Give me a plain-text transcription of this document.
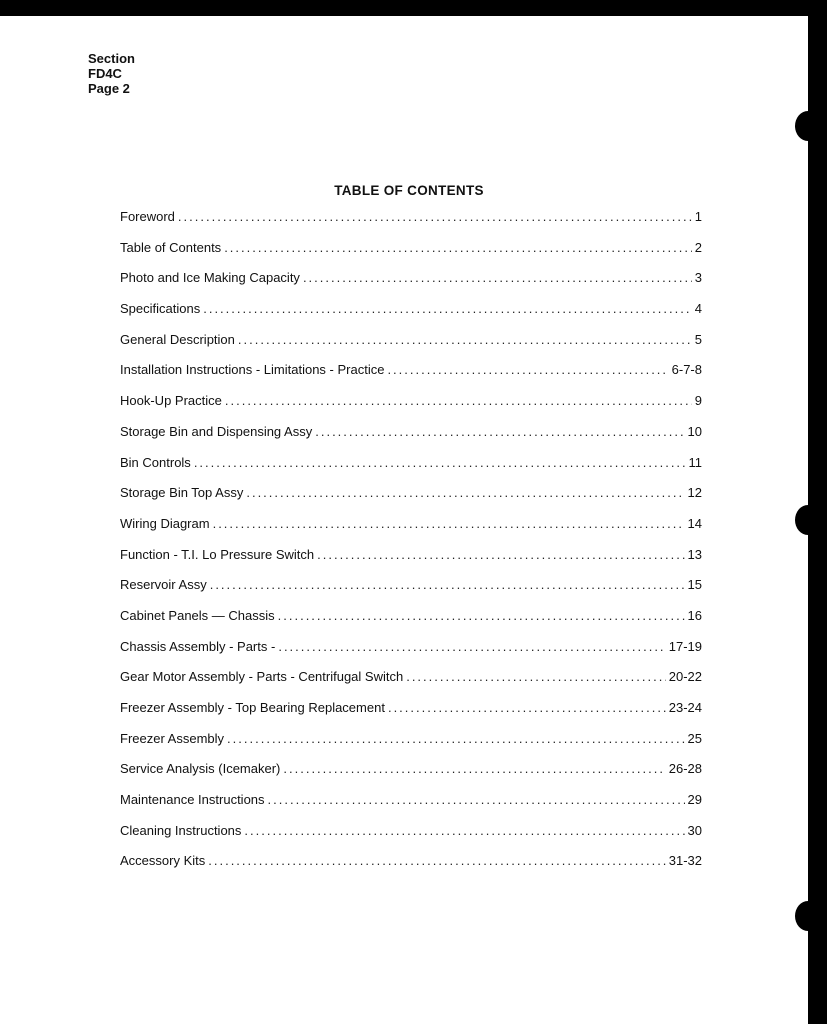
Section
FD4C
Page 2
TABLE OF CONTENTS
Foreword .....	1
Table of Contents .....	2
Photo and Ice Making Capacity .....	3
Specifications .....	4
General Description .....	5
Installation Instructions - Limitations - Practice .....	6-7-8
Hook-Up Practice .....	9
Storage Bin and Dispensing Assy .....	10
Bin Controls .....	11
Storage Bin Top Assy .....	12
Wiring Diagram .....	14
Function - T.I. Lo Pressure Switch .....	13
Reservoir Assy .....	15
Cabinet Panels — Chassis .....	16
Chassis Assembly - Parts - .....	17-19
Gear Motor Assembly - Parts - Centrifugal Switch .....	20-22
Freezer Assembly - Top Bearing Replacement .....	23-24
Freezer Assembly .....	25
Service Analysis (Icemaker) .....	26-28
Maintenance Instructions .....	29
Cleaning Instructions .....	30
Accessory Kits .....	31-32
